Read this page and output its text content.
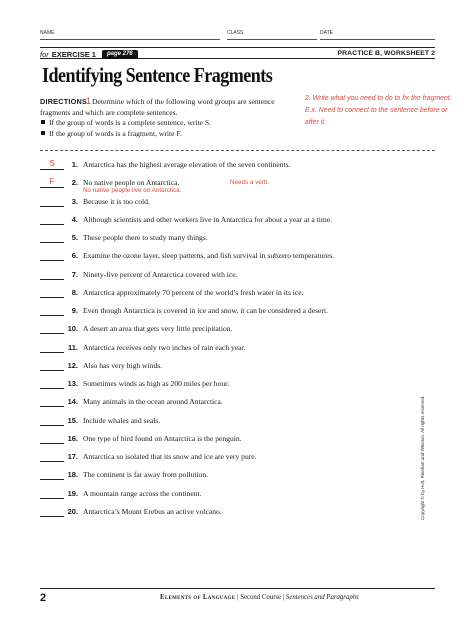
NAME	CLASS	DATE
for EXERCISE 1	page 276	PRACTICE B, WORKSHEET 2
Identifying Sentence Fragments
DIRECTIONS1Determine which of the following word groups are sentence
fragments and which are complete sentences.
If the group of words is a complete sentence, write S.
If the group of words is a fragment, write F.
2. Write what you need to do to fix the fragment.
E.x. Need to connect to the sentence before or
after it.
S	1. Antarctica has the highest average elevation of the seven continents.
F	2. No native people on Antarctica.
No native people live on Antarctica.
Needs a verb.
3. Because it is too cold.
4. Although scientists and other workers live in Antarctica for about a year at a time.
5. These people there to study many things.
6. Examine the ozone layer, sleep patterns, and fish survival in subzero temperatures.
7. Ninety-five percent of Antarctica covered with ice.
8. Antarctica approximately 70 percent of the world’s fresh water in its ice.
9. Even though Antarctica is covered in ice and snow, it can be considered a desert.
10. A desert an area that gets very little precipitation.
11. Antarctica receives only two inches of rain each year.
12. Also has very high winds.
13. Sometimes winds as high as 200 miles per hour.
14. Many animals in the ocean around Antarctica.
15. Include whales and seals.
16. One type of bird found on Antarctica is the penguin.
17. Antarctica so isolated that its snow and ice are very pure.
18. The continent is far away from pollution.
19. A mountain range across the continent.
20. Antarctica’s Mount Erebus an active volcano.	Copyright © by Holt, Rinehart and Winston. All rights reserved.
2	Elements of Language | Second Course | Sentences and Paragraphs
